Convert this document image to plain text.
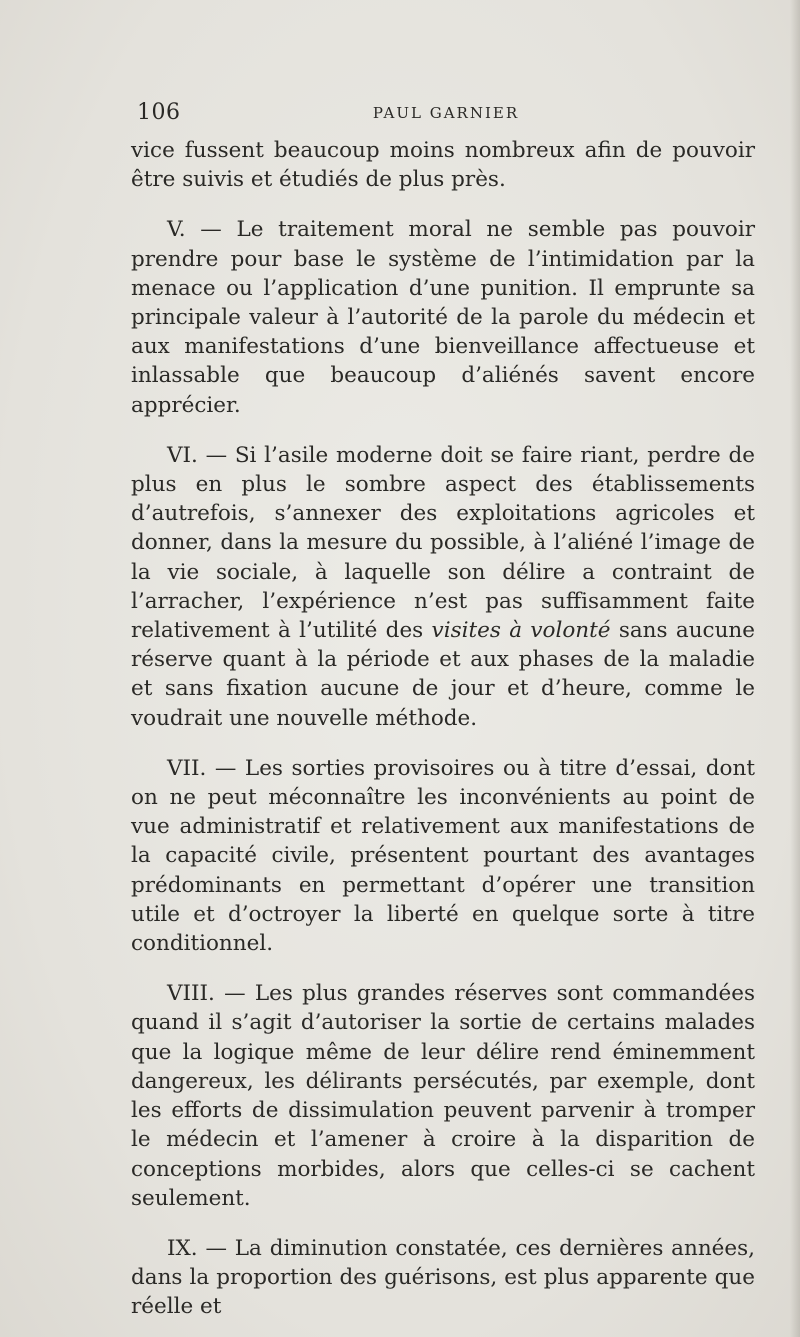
106	PAUL GARNIER

vice fussent beaucoup moins nombreux afin de pouvoir être suivis et étudiés de plus près.

V. — Le traitement moral ne semble pas pouvoir prendre pour base le système de l’intimidation par la menace ou l’application d’une punition. Il emprunte sa principale valeur à l’autorité de la parole du médecin et aux manifestations d’une bienveillance affectueuse et inlassable que beaucoup d’aliénés savent encore apprécier.

VI. — Si l’asile moderne doit se faire riant, perdre de plus en plus le sombre aspect des établissements d’autrefois, s’annexer des exploitations agricoles et donner, dans la mesure du possible, à l’aliéné l’image de la vie sociale, à laquelle son délire a contraint de l’arracher, l’expérience n’est pas suffisamment faite relativement à l’utilité des visites à volonté sans aucune réserve quant à la période et aux phases de la maladie et sans fixation aucune de jour et d’heure, comme le voudrait une nouvelle méthode.

VII. — Les sorties provisoires ou à titre d’essai, dont on ne peut méconnaître les inconvénients au point de vue administratif et relativement aux manifestations de la capacité civile, présentent pourtant des avantages prédominants en permettant d’opérer une transition utile et d’octroyer la liberté en quelque sorte à titre conditionnel.

VIII. — Les plus grandes réserves sont commandées quand il s’agit d’autoriser la sortie de certains malades que la logique même de leur délire rend éminemment dangereux, les délirants persécutés, par exemple, dont les efforts de dissimulation peuvent parvenir à tromper le médecin et l’amener à croire à la disparition de conceptions morbides, alors que celles-ci se cachent seulement.

IX. — La diminution constatée, ces dernières années, dans la proportion des guérisons, est plus apparente que réelle et
